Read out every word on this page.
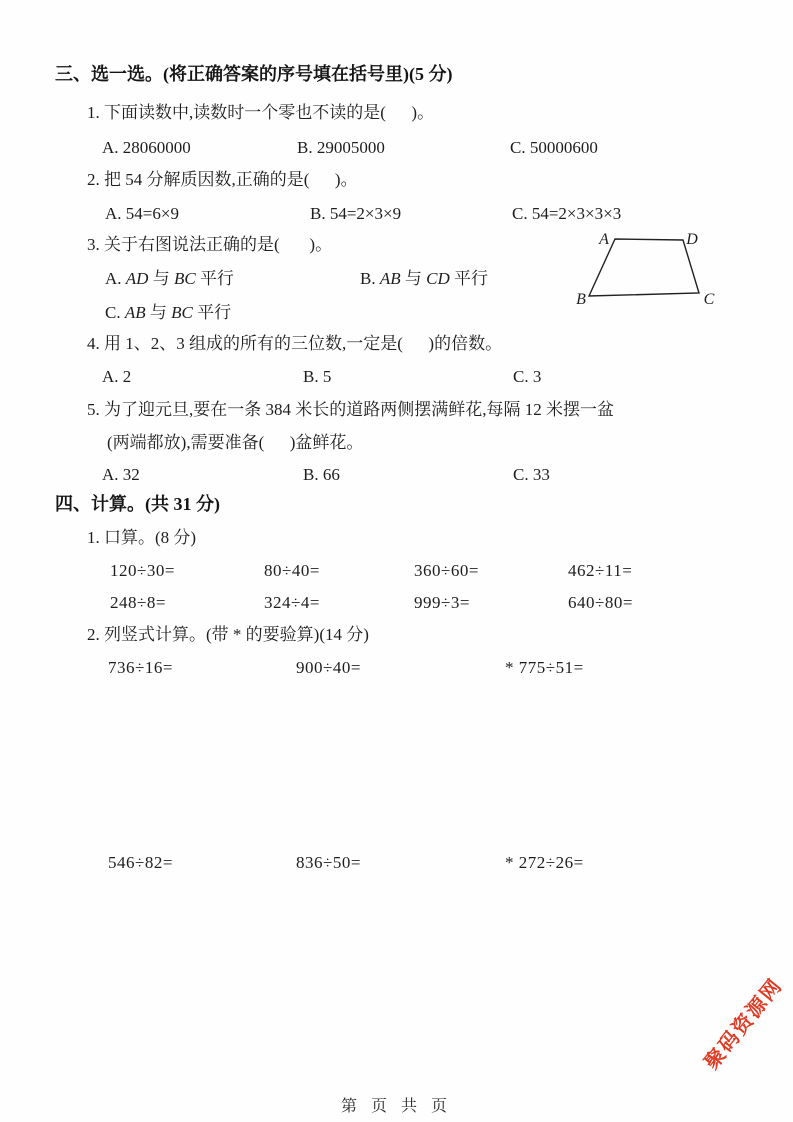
三、选一选。(将正确答案的序号填在括号里)(5 分)
1. 下面读数中,读数时一个零也不读的是(      )。
A. 28060000	B. 29005000	C. 50000600
2. 把 54 分解质因数,正确的是(      )。
A. 54=6×9	B. 54=2×3×9	C. 54=2×3×3×3
3. 关于右图说法正确的是(       )。
A. AD 与 BC 平行	B. AB 与 CD 平行
C. AB 与 BC 平行
A	D
B	C
4. 用 1、2、3 组成的所有的三位数,一定是(      )的倍数。
A. 2	B. 5	C. 3
5. 为了迎元旦,要在一条 384 米长的道路两侧摆满鲜花,每隔 12 米摆一盆
(两端都放),需要准备(      )盆鲜花。
A. 32	B. 66	C. 33
四、计算。(共 31 分)
1. 口算。(8 分)
120÷30=	80÷40=	360÷60=	462÷11=
248÷8=	324÷4=	999÷3=	640÷80=
2. 列竖式计算。(带 * 的要验算)(14 分)
736÷16=	900÷40=	* 775÷51=
546÷82=	836÷50=	* 272÷26=
第 页 共 页
聚码资源网
